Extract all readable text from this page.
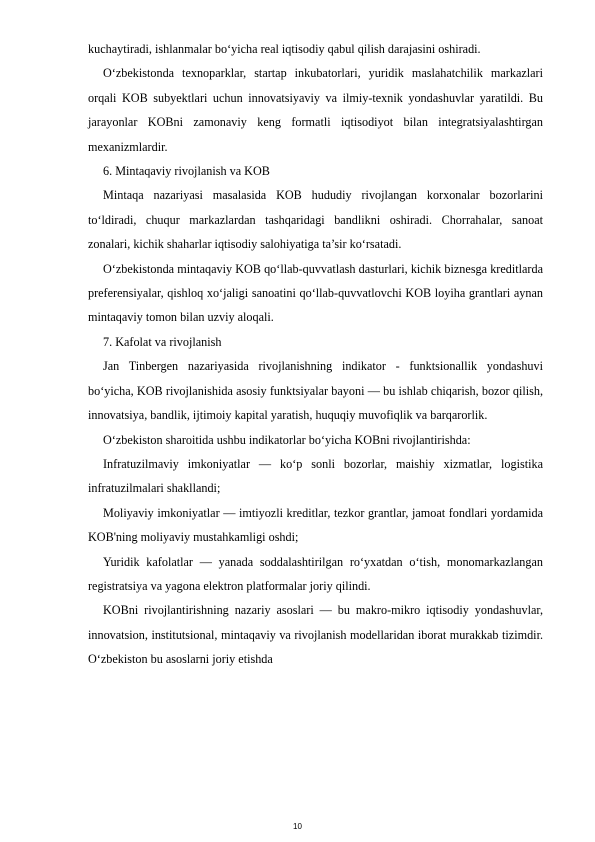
kuchaytiradi, ishlanmalar bo‘yicha real iqtisodiy qabul qilish darajasini oshiradi.

O‘zbekistonda texnoparklar, startap inkubatorlari, yuridik maslahatchilik markazlari orqali KOB subyektlari uchun innovatsiyaviy va ilmiy-texnik yondashuvlar yaratildi. Bu jarayonlar KOBni zamonaviy keng formatli iqtisodiyot bilan integratsiyalashtirgan mexanizmlardir.

6. Mintaqaviy rivojlanish va KOB

Mintaqa nazariyasi masalasida KOB hududiy rivojlangan korxonalar bozorlarini to‘ldiradi, chuqur markazlardan tashqaridagi bandlikni oshiradi. Chorrahalar, sanoat zonalari, kichik shaharlar iqtisodiy salohiyatiga ta’sir ko‘rsatadi.

O‘zbekistonda mintaqaviy KOB qo‘llab-quvvatlash dasturlari, kichik biznesga kreditlarda preferensiyalar, qishloq xo‘jaligi sanoatini qo‘llab-quvvatlovchi KOB loyiha grantlari aynan mintaqaviy tomon bilan uzviy aloqali.

7. Kafolat va rivojlanish

Jan Tinbergen nazariyasida rivojlanishning indikator - funktsionallik yondashuvi bo‘yicha, KOB rivojlanishida asosiy funktsiyalar bayoni — bu ishlab chiqarish, bozor qilish, innovatsiya, bandlik, ijtimoiy kapital yaratish, huquqiy muvofiqlik va barqarorlik.

O‘zbekiston sharoitida ushbu indikatorlar bo‘yicha KOBni rivojlantirishda:

Infratuzilmaviy imkoniyatlar — ko‘p sonli bozorlar, maishiy xizmatlar, logistika infratuzilmalari shakllandi;

Moliyaviy imkoniyatlar — imtiyozli kreditlar, tezkor grantlar, jamoat fondlari yordamida KOB'ning moliyaviy mustahkamligi oshdi;

Yuridik kafolatlar — yanada soddalashtirilgan ro‘yxatdan o‘tish, monomarkazlangan registratsiya va yagona elektron platformalar joriy qilindi.

KOBni rivojlantirishning nazariy asoslari — bu makro-mikro iqtisodiy yondashuvlar, innovatsion, institutsional, mintaqaviy va rivojlanish modellaridan iborat murakkab tizimdir. O‘zbekiston bu asoslarni joriy etishda

10
